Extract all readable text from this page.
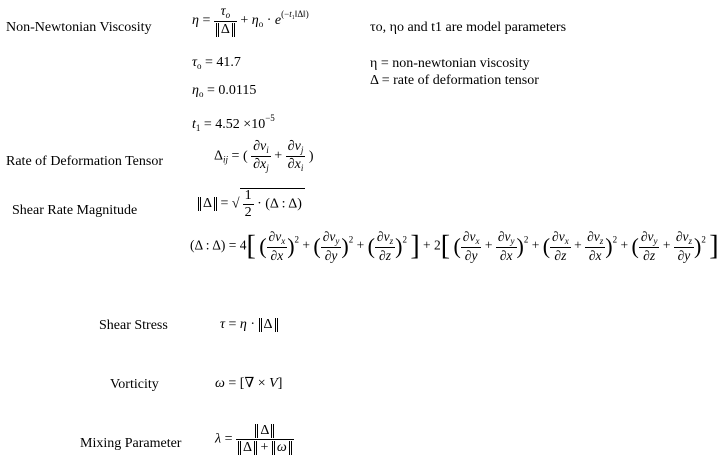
Non-Newtonian Viscosity
Rate of Deformation Tensor
Shear Rate Magnitude
Shear Stress
Vorticity
Mixing Parameter
τo, ηo and t1 are model parameters
η = non-newtonian viscosity
Δ = rate of deformation tensor
$\eta = \frac{\tau_o}{\Delta} + \eta_o \cdot e^{(-t_1‖\Delta‖)}$
$\tau_o = 41.7$
$\eta_o = 0.0115$
$t_1 = 4.52 \times 10^{-5}$
$\Delta_{ij}$ = ( $\frac{\partial v_i}{\partial x_j} + \frac{\partial v_j}{\partial x_i}$ )
Δ = √ $\frac{1}{2} \cdot (\Delta$ : Δ)
(Δ : Δ) = 4[ ( $\frac{\partial v_x}{\partial x} )^2$ + ( $\frac{\partial v_y}{\partial y} )^2$ + ( $\frac{\partial v_z}{\partial z} )^2$ ] + 2[ ( $\frac{\partial v_x}{\partial y} + \frac{\partial v_y}{\partial x} )^2$ + ( $\frac{\partial v_x}{\partial z} + \frac{\partial v_z}{\partial x} )^2$ + ( $\frac{\partial v_y}{\partial z} + \frac{\partial v_z}{\partial y} )^2$ ]
τ = η · Δ
ω = [∇ × V]
$\lambda = \frac{\Delta}{\Delta + \omega}$
